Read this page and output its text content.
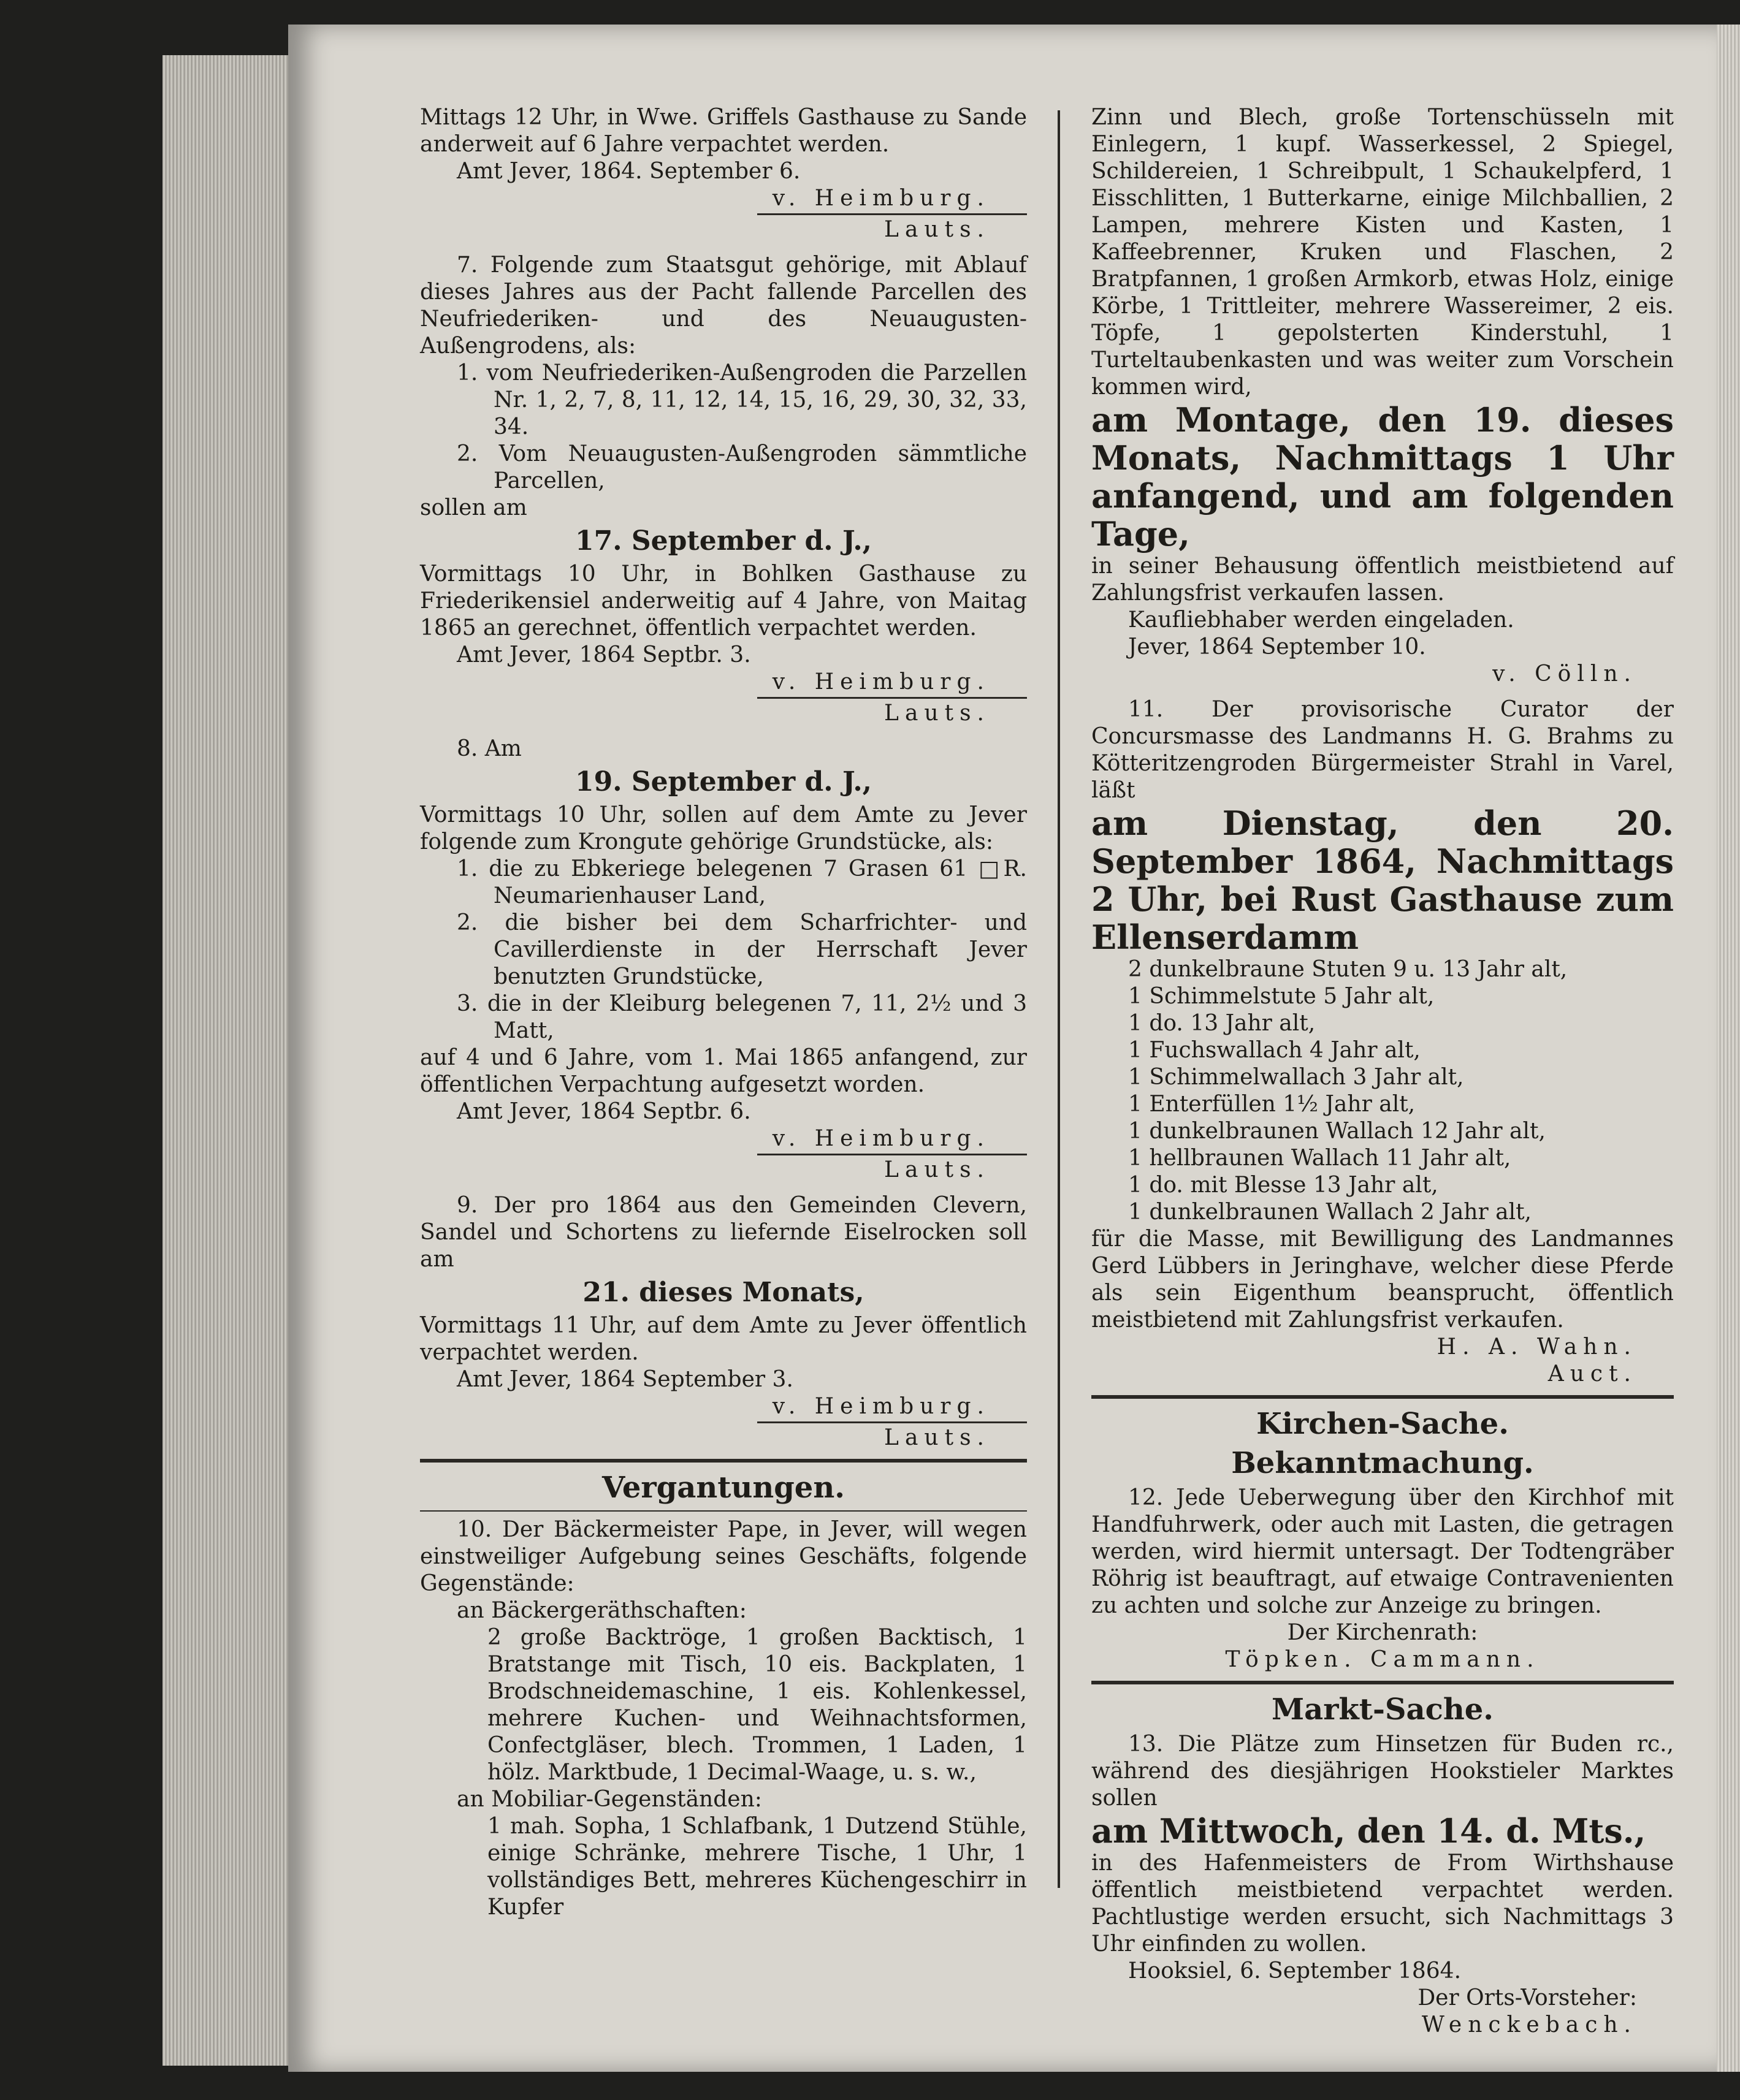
Mittags 12 Uhr, in Wwe. Griffels Gasthause zu Sande anderweit auf 6 Jahre verpachtet werden.

Amt Jever, 1864. September 6.

v. Heimburg.

Lauts.

7. Folgende zum Staatsgut gehörige, mit Ablauf dieses Jahres aus der Pacht fallende Parcellen des Neufriederiken- und des Neuaugusten-Außengrodens, als:

1. vom Neufriederiken-Außengroden die Parzellen Nr. 1, 2, 7, 8, 11, 12, 14, 15, 16, 29, 30, 32, 33, 34.

2. Vom Neuaugusten-Außengroden sämmtliche Parcellen,

sollen am

17. September d. J.,

Vormittags 10 Uhr, in Bohlken Gasthause zu Friederikensiel anderweitig auf 4 Jahre, von Maitag 1865 an gerechnet, öffentlich verpachtet werden.

Amt Jever, 1864 Septbr. 3.

v. Heimburg.

Lauts.

8. Am

19. September d. J.,

Vormittags 10 Uhr, sollen auf dem Amte zu Jever folgende zum Krongute gehörige Grundstücke, als:

1. die zu Ebkeriege belegenen 7 Grasen 61 □R. Neumarienhauser Land,

2. die bisher bei dem Scharfrichter- und Cavillerdienste in der Herrschaft Jever benutzten Grundstücke,

3. die in der Kleiburg belegenen 7, 11, 2½ und 3 Matt,

auf 4 und 6 Jahre, vom 1. Mai 1865 anfangend, zur öffentlichen Verpachtung aufgesetzt worden.

Amt Jever, 1864 Septbr. 6.

v. Heimburg.

Lauts.

9. Der pro 1864 aus den Gemeinden Clevern, Sandel und Schortens zu liefernde Eiselrocken soll am

21. dieses Monats,

Vormittags 11 Uhr, auf dem Amte zu Jever öffentlich verpachtet werden.

Amt Jever, 1864 September 3.

v. Heimburg.

Lauts.

Vergantungen.

10. Der Bäckermeister Pape, in Jever, will wegen einstweiliger Aufgebung seines Geschäfts, folgende Gegenstände:

an Bäckergeräthschaften:

2 große Backtröge, 1 großen Backtisch, 1 Bratstange mit Tisch, 10 eis. Backplaten, 1 Brodschneidemaschine, 1 eis. Kohlenkessel, mehrere Kuchen- und Weihnachtsformen, Confectgläser, blech. Trommen, 1 Laden, 1 hölz. Marktbude, 1 Decimal-Waage, u. s. w.,

an Mobiliar-Gegenständen:

1 mah. Sopha, 1 Schlafbank, 1 Dutzend Stühle, einige Schränke, mehrere Tische, 1 Uhr, 1 vollständiges Bett, mehreres Küchengeschirr in Kupfer

Zinn und Blech, große Tortenschüsseln mit Einlegern, 1 kupf. Wasserkessel, 2 Spiegel, Schildereien, 1 Schreibpult, 1 Schaukelpferd, 1 Eisschlitten, 1 Butterkarne, einige Milchballien, 2 Lampen, mehrere Kisten und Kasten, 1 Kaffeebrenner, Kruken und Flaschen, 2 Bratpfannen, 1 großen Armkorb, etwas Holz, einige Körbe, 1 Trittleiter, mehrere Wassereimer, 2 eis. Töpfe, 1 gepolsterten Kinderstuhl, 1 Turteltaubenkasten und was weiter zum Vorschein kommen wird,

am Montage, den 19. dieses Monats, Nachmittags 1 Uhr anfangend, und am folgenden Tage,

in seiner Behausung öffentlich meistbietend auf Zahlungsfrist verkaufen lassen.

Kaufliebhaber werden eingeladen.

Jever, 1864 September 10.

v. Cölln.

11. Der provisorische Curator der Concursmasse des Landmanns H. G. Brahms zu Kötteritzengroden Bürgermeister Strahl in Varel, läßt

am Dienstag, den 20. September 1864, Nachmittags 2 Uhr, bei Rust Gasthause zum Ellenserdamm

2 dunkelbraune Stuten 9 u. 13 Jahr alt,

1 Schimmelstute 5 Jahr alt,

1 do. 13 Jahr alt,

1 Fuchswallach 4 Jahr alt,

1 Schimmelwallach 3 Jahr alt,

1 Enterfüllen 1½ Jahr alt,

1 dunkelbraunen Wallach 12 Jahr alt,

1 hellbraunen Wallach 11 Jahr alt,

1 do. mit Blesse 13 Jahr alt,

1 dunkelbraunen Wallach 2 Jahr alt,

für die Masse, mit Bewilligung des Landmannes Gerd Lübbers in Jeringhave, welcher diese Pferde als sein Eigenthum beansprucht, öffentlich meistbietend mit Zahlungsfrist verkaufen.

H. A. Wahn.

Auct.

Kirchen-Sache.

Bekanntmachung.

12. Jede Ueberwegung über den Kirchhof mit Handfuhrwerk, oder auch mit Lasten, die getragen werden, wird hiermit untersagt. Der Todtengräber Röhrig ist beauftragt, auf etwaige Contravenienten zu achten und solche zur Anzeige zu bringen.

Der Kirchenrath:

Töpken. Cammann.

Markt-Sache.

13. Die Plätze zum Hinsetzen für Buden rc., während des diesjährigen Hookstieler Marktes sollen

am Mittwoch, den 14. d. Mts.,

in des Hafenmeisters de From Wirthshause öffentlich meistbietend verpachtet werden. Pachtlustige werden ersucht, sich Nachmittags 3 Uhr einfinden zu wollen.

Hooksiel, 6. September 1864.

Der Orts-Vorsteher:

Wenckebach.
